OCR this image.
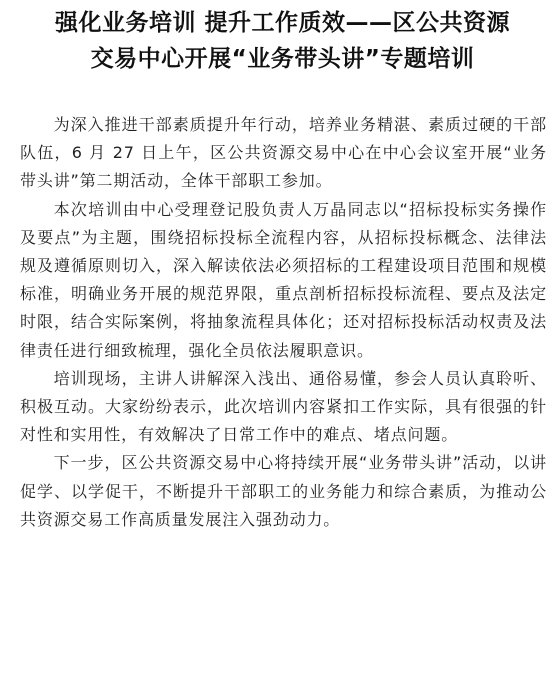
强化业务培训 提升工作质效——区公共资源
交易中心开展“业务带头讲”专题培训

为深入推进干部素质提升年行动，培养业务精湛、素质过硬的干部队伍，6 月 27 日上午，区公共资源交易中心在中心会议室开展“业务带头讲”第二期活动，全体干部职工参加。

本次培训由中心受理登记股负责人万晶同志以“招标投标实务操作及要点”为主题，围绕招标投标全流程内容，从招标投标概念、法律法规及遵循原则切入，深入解读依法必须招标的工程建设项目范围和规模标准，明确业务开展的规范界限，重点剖析招标投标流程、要点及法定时限，结合实际案例，将抽象流程具体化；还对招标投标活动权责及法律责任进行细致梳理，强化全员依法履职意识。

培训现场，主讲人讲解深入浅出、通俗易懂，参会人员认真聆听、积极互动。大家纷纷表示，此次培训内容紧扣工作实际，具有很强的针对性和实用性，有效解决了日常工作中的难点、堵点问题。

下一步，区公共资源交易中心将持续开展“业务带头讲”活动，以讲促学、以学促干，不断提升干部职工的业务能力和综合素质，为推动公共资源交易工作高质量发展注入强劲动力。
